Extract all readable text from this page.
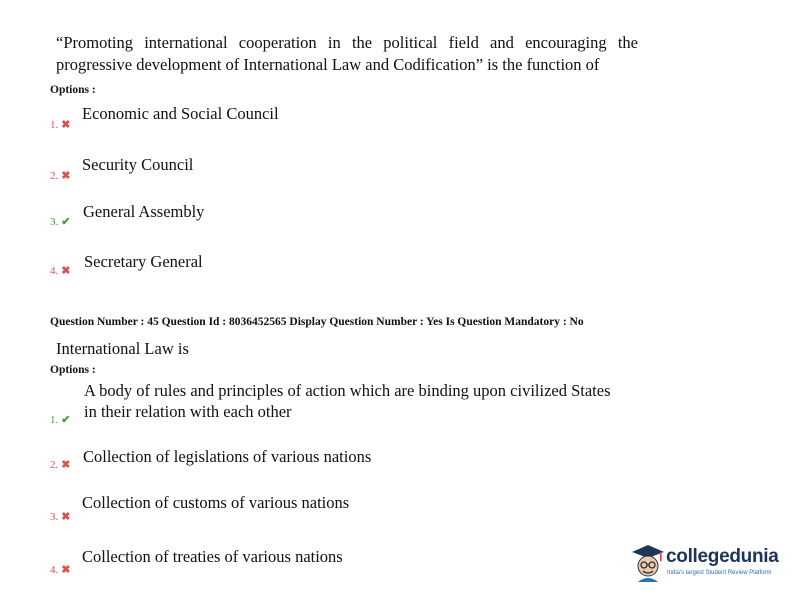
“Promoting international cooperation in the political field and encouraging the progressive development of International Law and Codification” is the function of
Options :
1. ✖
Economic and Social Council
2. ✖
Security Council
3. ✔
General Assembly
4. ✖ Secretary General
Question Number : 45 Question Id : 8036452565 Display Question Number : Yes Is Question Mandatory : No
International Law is
Options :
1. ✔
A body of rules and principles of action which are binding upon civilized States in their relation with each other
2. ✖ Collection of legislations of various nations
3. ✖
Collection of customs of various nations
4. ✖
Collection of treaties of various nations	collegedunia
India's largest Student Review Platform
